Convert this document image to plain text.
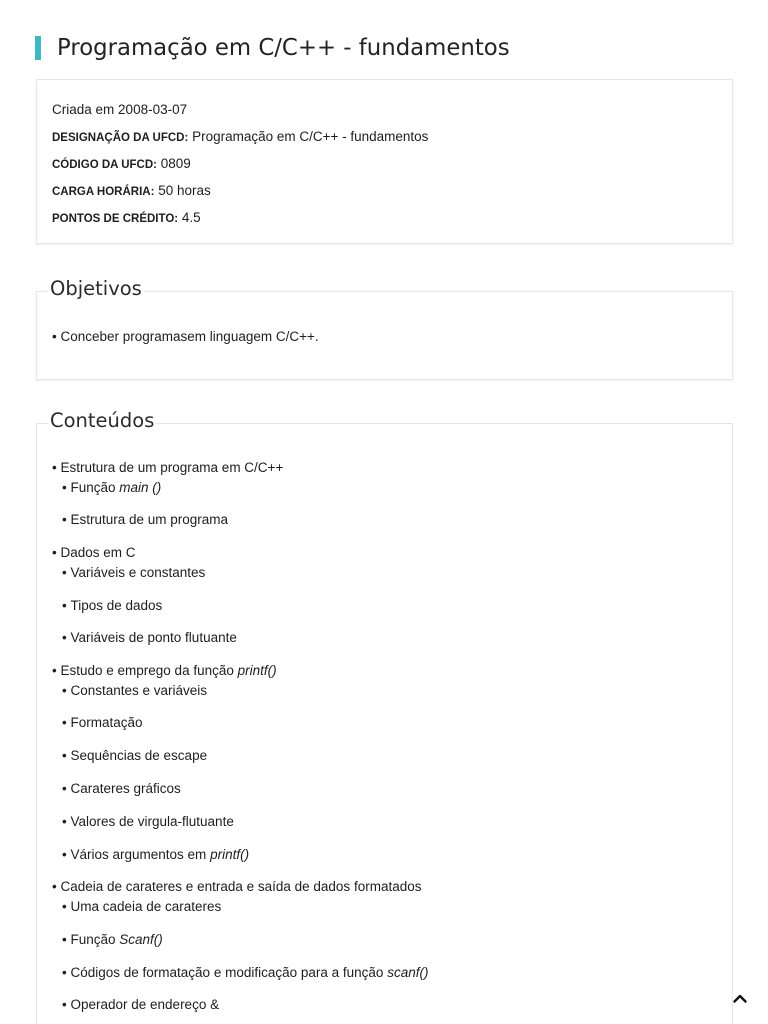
Programação em C/C++ - fundamentos
Criada em 2008-03-07
DESIGNAÇÃO DA UFCD: Programação em C/C++ - fundamentos
CÓDIGO DA UFCD: 0809
CARGA HORÁRIA: 50 horas
PONTOS DE CRÉDITO: 4.5
Objetivos
• Conceber programasem linguagem C/C++.
Conteúdos
• Estrutura de um programa em C/C++
• Função main ()
• Estrutura de um programa
• Dados em C
• Variáveis e constantes
• Tipos de dados
• Variáveis de ponto flutuante
• Estudo e emprego da função printf()
• Constantes e variáveis
• Formatação
• Sequências de escape
• Carateres gráficos
• Valores de virgula-flutuante
• Vários argumentos em printf()
• Cadeia de carateres e entrada e saída de dados formatados
• Uma cadeia de carateres
• Função Scanf()
• Códigos de formatação e modificação para a função scanf()
• Operador de endereço &
